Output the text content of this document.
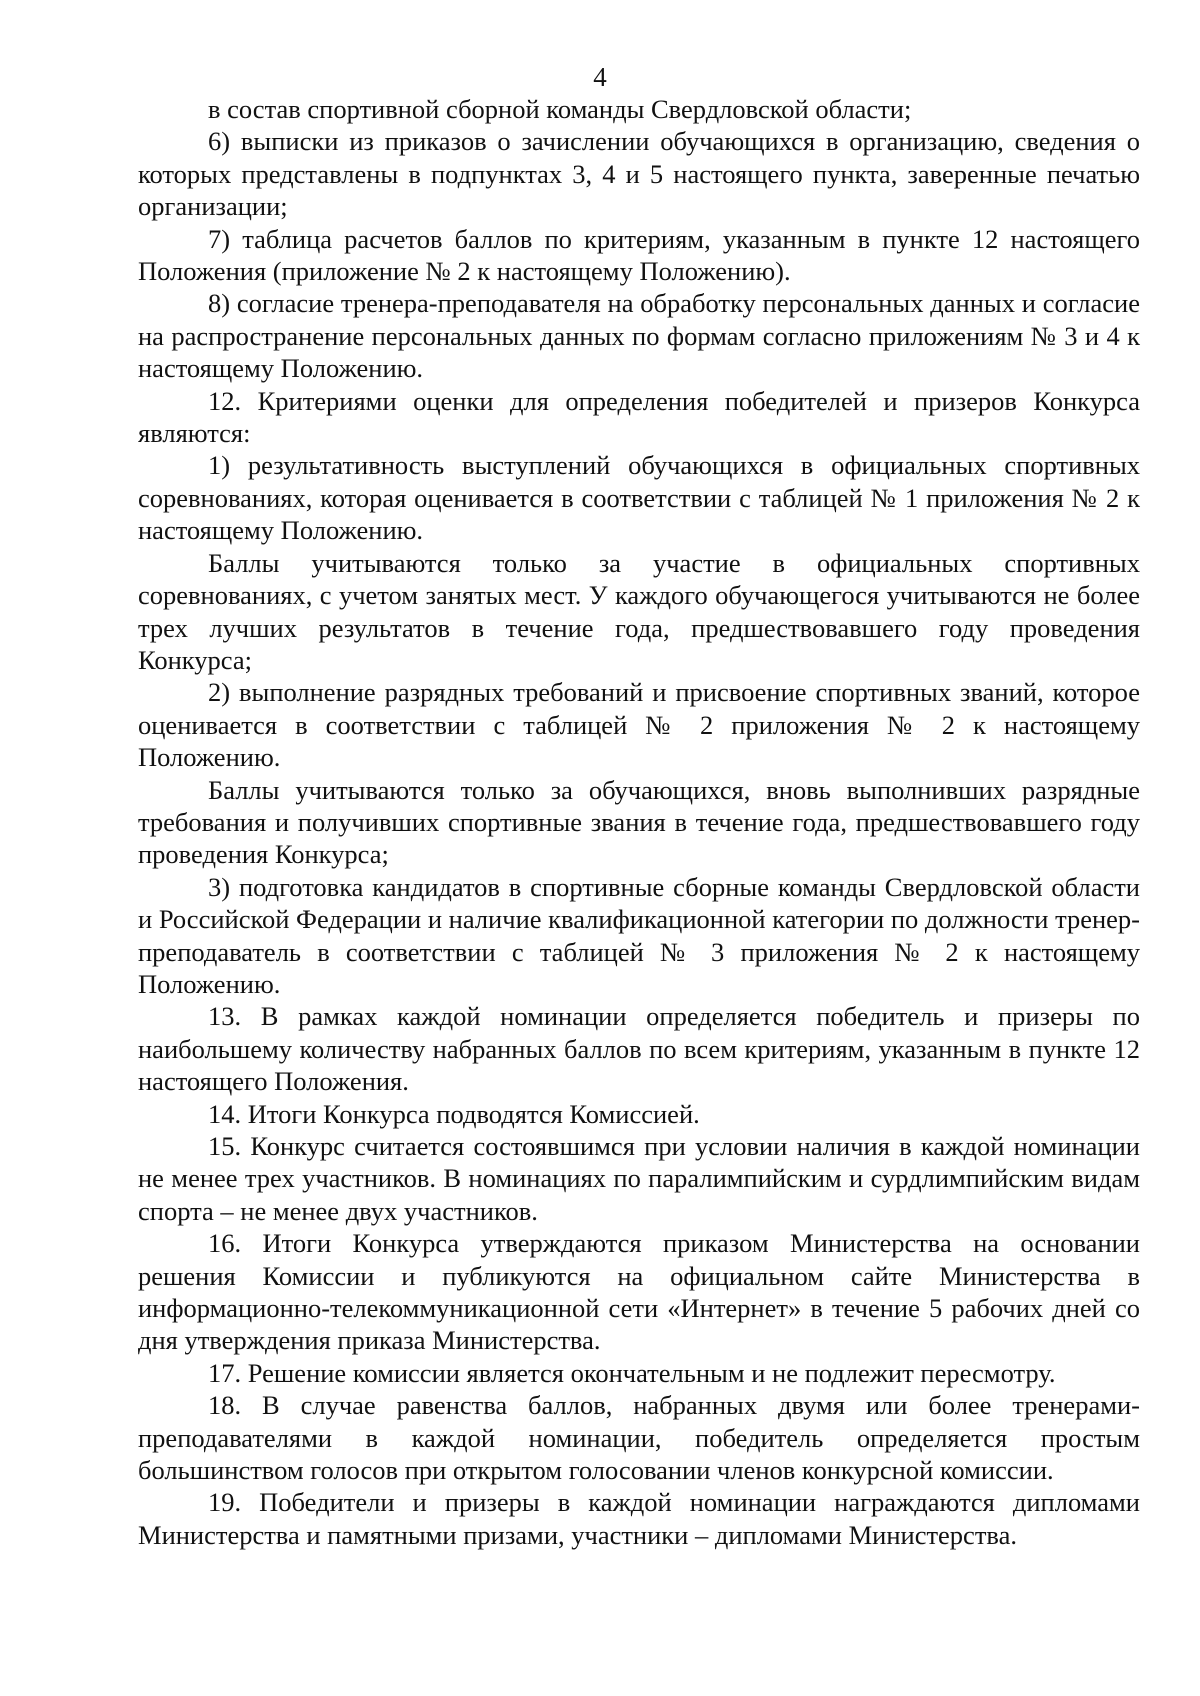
4

в состав спортивной сборной команды Свердловской области;

6) выписки из приказов о зачислении обучающихся в организацию, сведения о которых представлены в подпунктах 3, 4 и 5 настоящего пункта, заверенные печатью организации;

7) таблица расчетов баллов по критериям, указанным в пункте 12 настоящего Положения (приложение № 2 к настоящему Положению).

8) согласие тренера-преподавателя на обработку персональных данных и согласие на распространение персональных данных по формам согласно приложениям № 3 и 4 к настоящему Положению.

12. Критериями оценки для определения победителей и призеров Конкурса являются:

1) результативность выступлений обучающихся в официальных спортивных соревнованиях, которая оценивается в соответствии с таблицей № 1 приложения № 2 к настоящему Положению.

Баллы учитываются только за участие в официальных спортивных соревнованиях, с учетом занятых мест. У каждого обучающегося учитываются не более трех лучших результатов в течение года, предшествовавшего году проведения Конкурса;

2) выполнение разрядных требований и присвоение спортивных званий, которое оценивается в соответствии с таблицей № 2 приложения № 2 к настоящему Положению.

Баллы учитываются только за обучающихся, вновь выполнивших разрядные требования и получивших спортивные звания в течение года, предшествовавшего году проведения Конкурса;

3) подготовка кандидатов в спортивные сборные команды Свердловской области и Российской Федерации и наличие квалификационной категории по должности тренер-преподаватель в соответствии с таблицей № 3 приложения № 2 к настоящему Положению.

13. В рамках каждой номинации определяется победитель и призеры по наибольшему количеству набранных баллов по всем критериям, указанным в пункте 12 настоящего Положения.

14. Итоги Конкурса подводятся Комиссией.

15. Конкурс считается состоявшимся при условии наличия в каждой номинации не менее трех участников. В номинациях по паралимпийским и сурдлимпийским видам спорта – не менее двух участников.

16. Итоги Конкурса утверждаются приказом Министерства на основании решения Комиссии и публикуются на официальном сайте Министерства в информационно-телекоммуникационной сети «Интернет» в течение 5 рабочих дней со дня утверждения приказа Министерства.

17. Решение комиссии является окончательным и не подлежит пересмотру.

18. В случае равенства баллов, набранных двумя или более тренерами-преподавателями в каждой номинации, победитель определяется простым большинством голосов при открытом голосовании членов конкурсной комиссии.

19. Победители и призеры в каждой номинации награждаются дипломами Министерства и памятными призами, участники – дипломами Министерства.
